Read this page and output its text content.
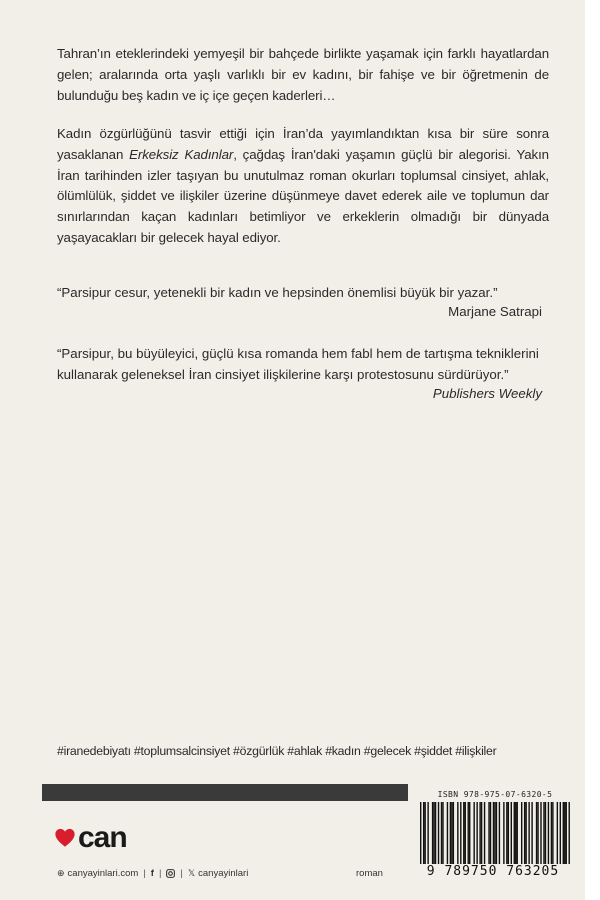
Tahran’ın eteklerindeki yemyeşil bir bahçede birlikte yaşamak için farklı hayatlardan gelen; aralarında orta yaşlı varlıklı bir ev kadını, bir fahişe ve bir öğretmenin de bulunduğu beş kadın ve iç içe geçen kaderleri…

Kadın özgürlüğünü tasvir ettiği için İran’da yayımlandıktan kısa bir süre sonra yasaklanan Erkeksiz Kadınlar, çağdaş İran'daki yaşamın güçlü bir alegorisi. Yakın İran tarihinden izler taşıyan bu unutulmaz roman okurları toplumsal cinsiyet, ahlak, ölümlülük, şiddet ve ilişkiler üzerine düşünmeye davet ederek aile ve toplumun dar sınırlarından kaçan kadınları betimliyor ve erkeklerin olmadığı bir dünyada yaşayacakları bir gelecek hayal ediyor.

“Parsipur cesur, yetenekli bir kadın ve hepsinden önemlisi büyük bir yazar.”

Marjane Satrapi

“Parsipur, bu büyüleyici, güçlü kısa romanda hem fabl hem de tartışma tekniklerini kullanarak geleneksel İran cinsiyet ilişkilerine karşı protestosunu sürdürüyor.”

Publishers Weekly

#iranedebiyatı #toplumsalcinsiyet #özgürlük #ahlak #kadın #gelecek #şiddet #ilişkiler
ISBN 978-975-07-6320-5
9 789750 763205
can
⊕ canyayinlari.com | f | | 𝕏 canyayinlari	roman
